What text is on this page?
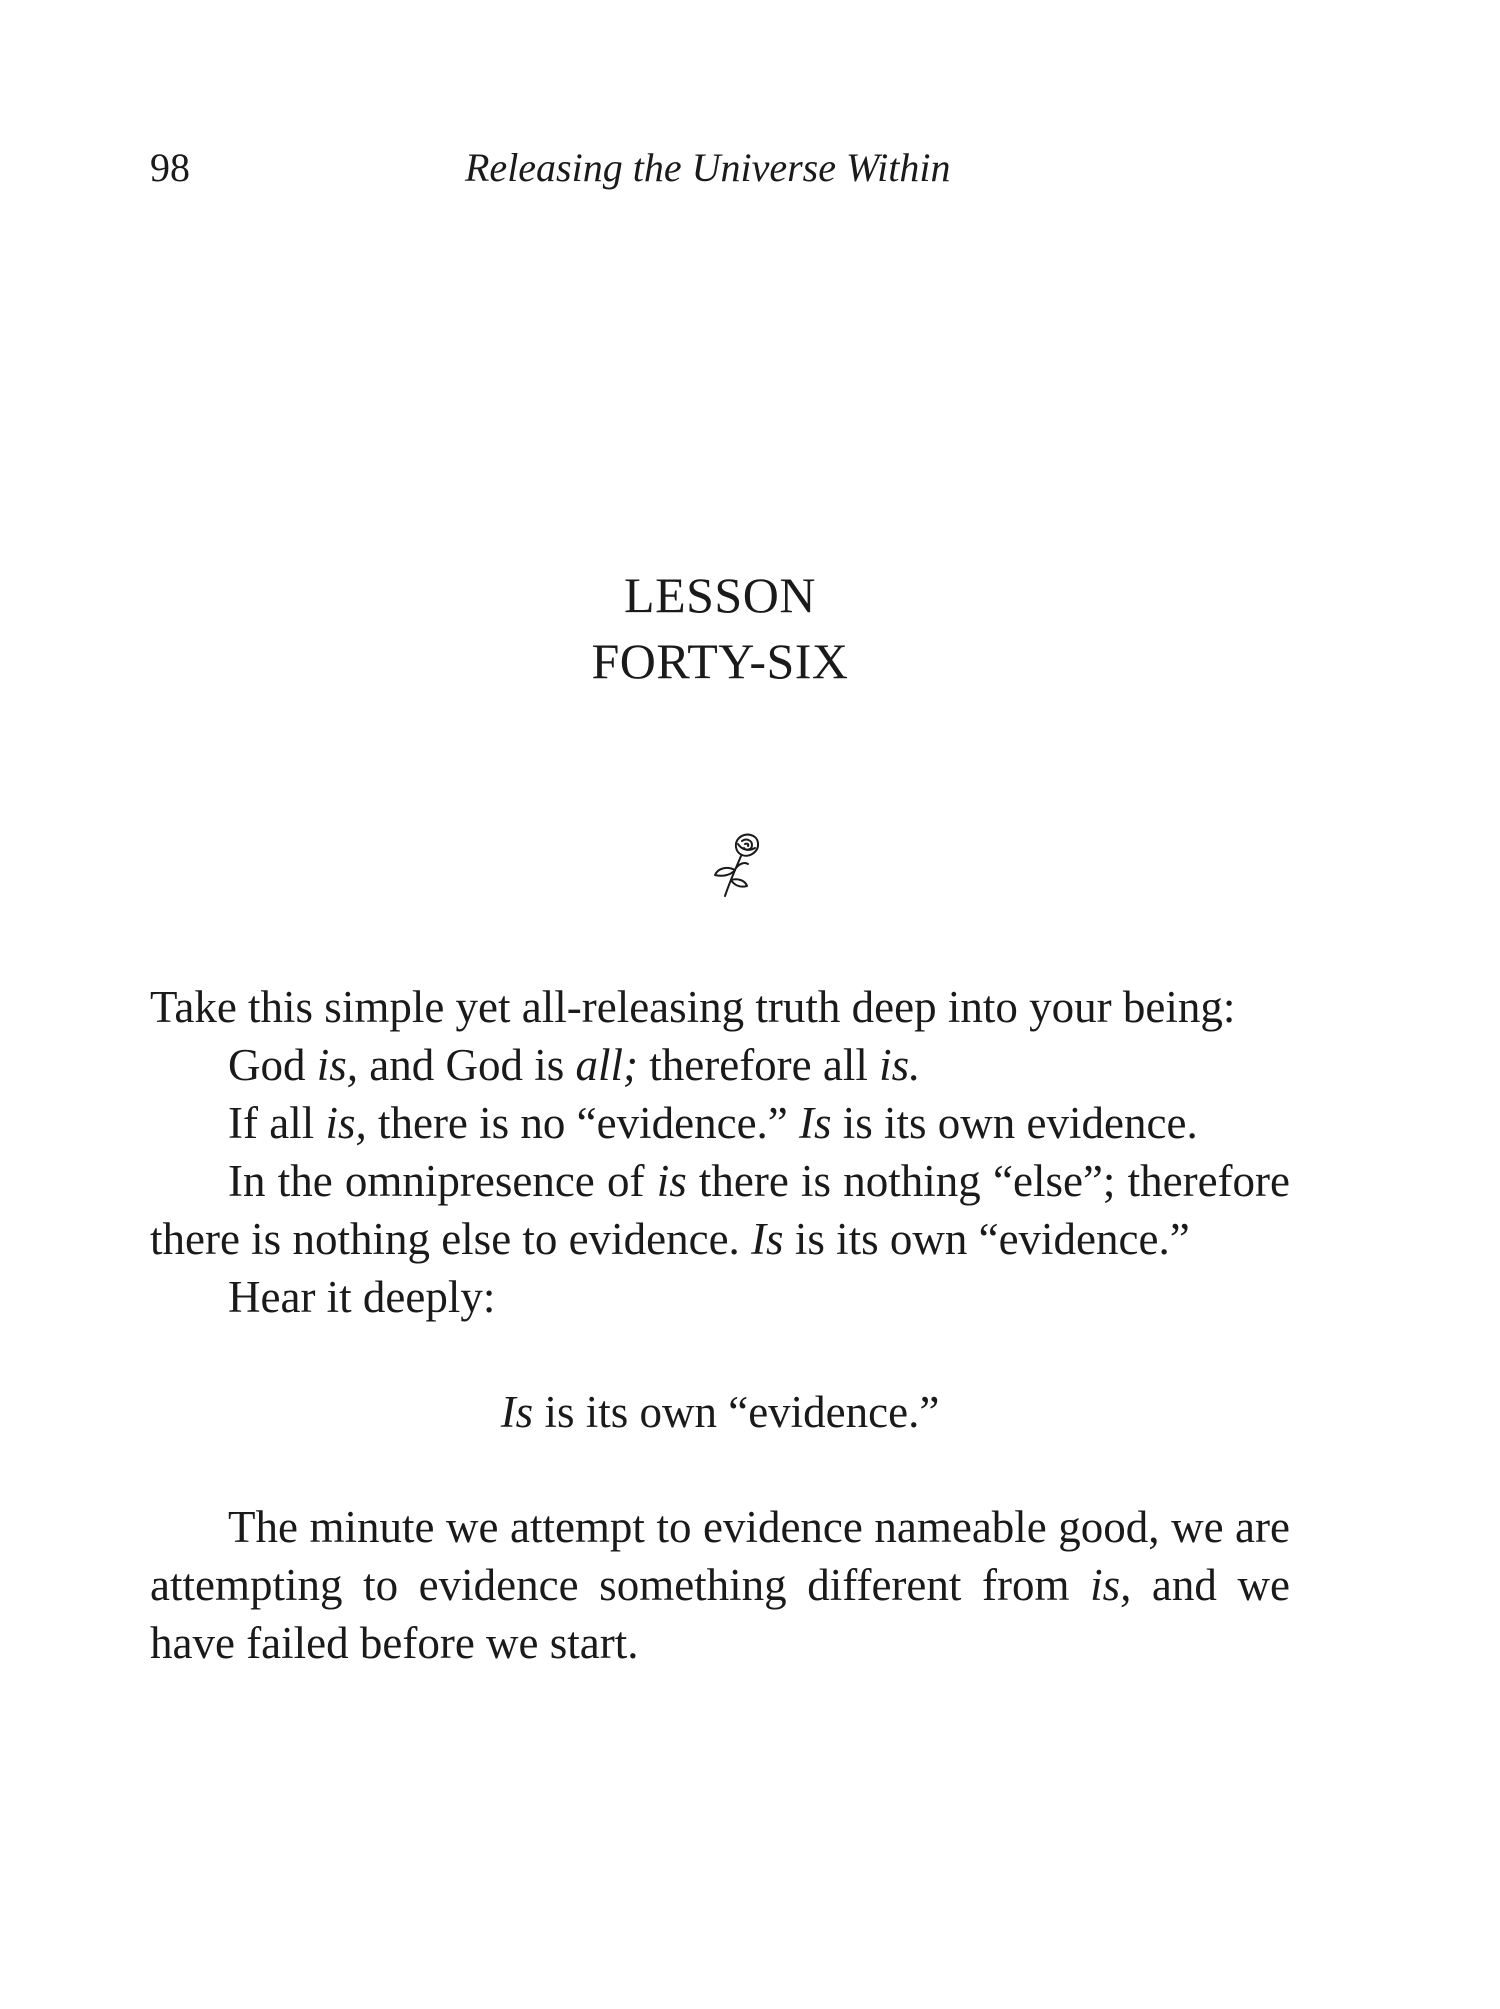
98	Releasing the Universe Within
LESSON
FORTY-SIX

Take this simple yet all-releasing truth deep into your being:

God is, and God is all; therefore all is.

If all is, there is no “evidence.” Is is its own evidence.

In the omnipresence of is there is nothing “else”; therefore there is nothing else to evidence. Is is its own “evidence.”

Hear it deeply:

Is is its own “evidence.”

The minute we attempt to evidence nameable good, we are attempting to evidence something different from is, and we have failed before we start.
